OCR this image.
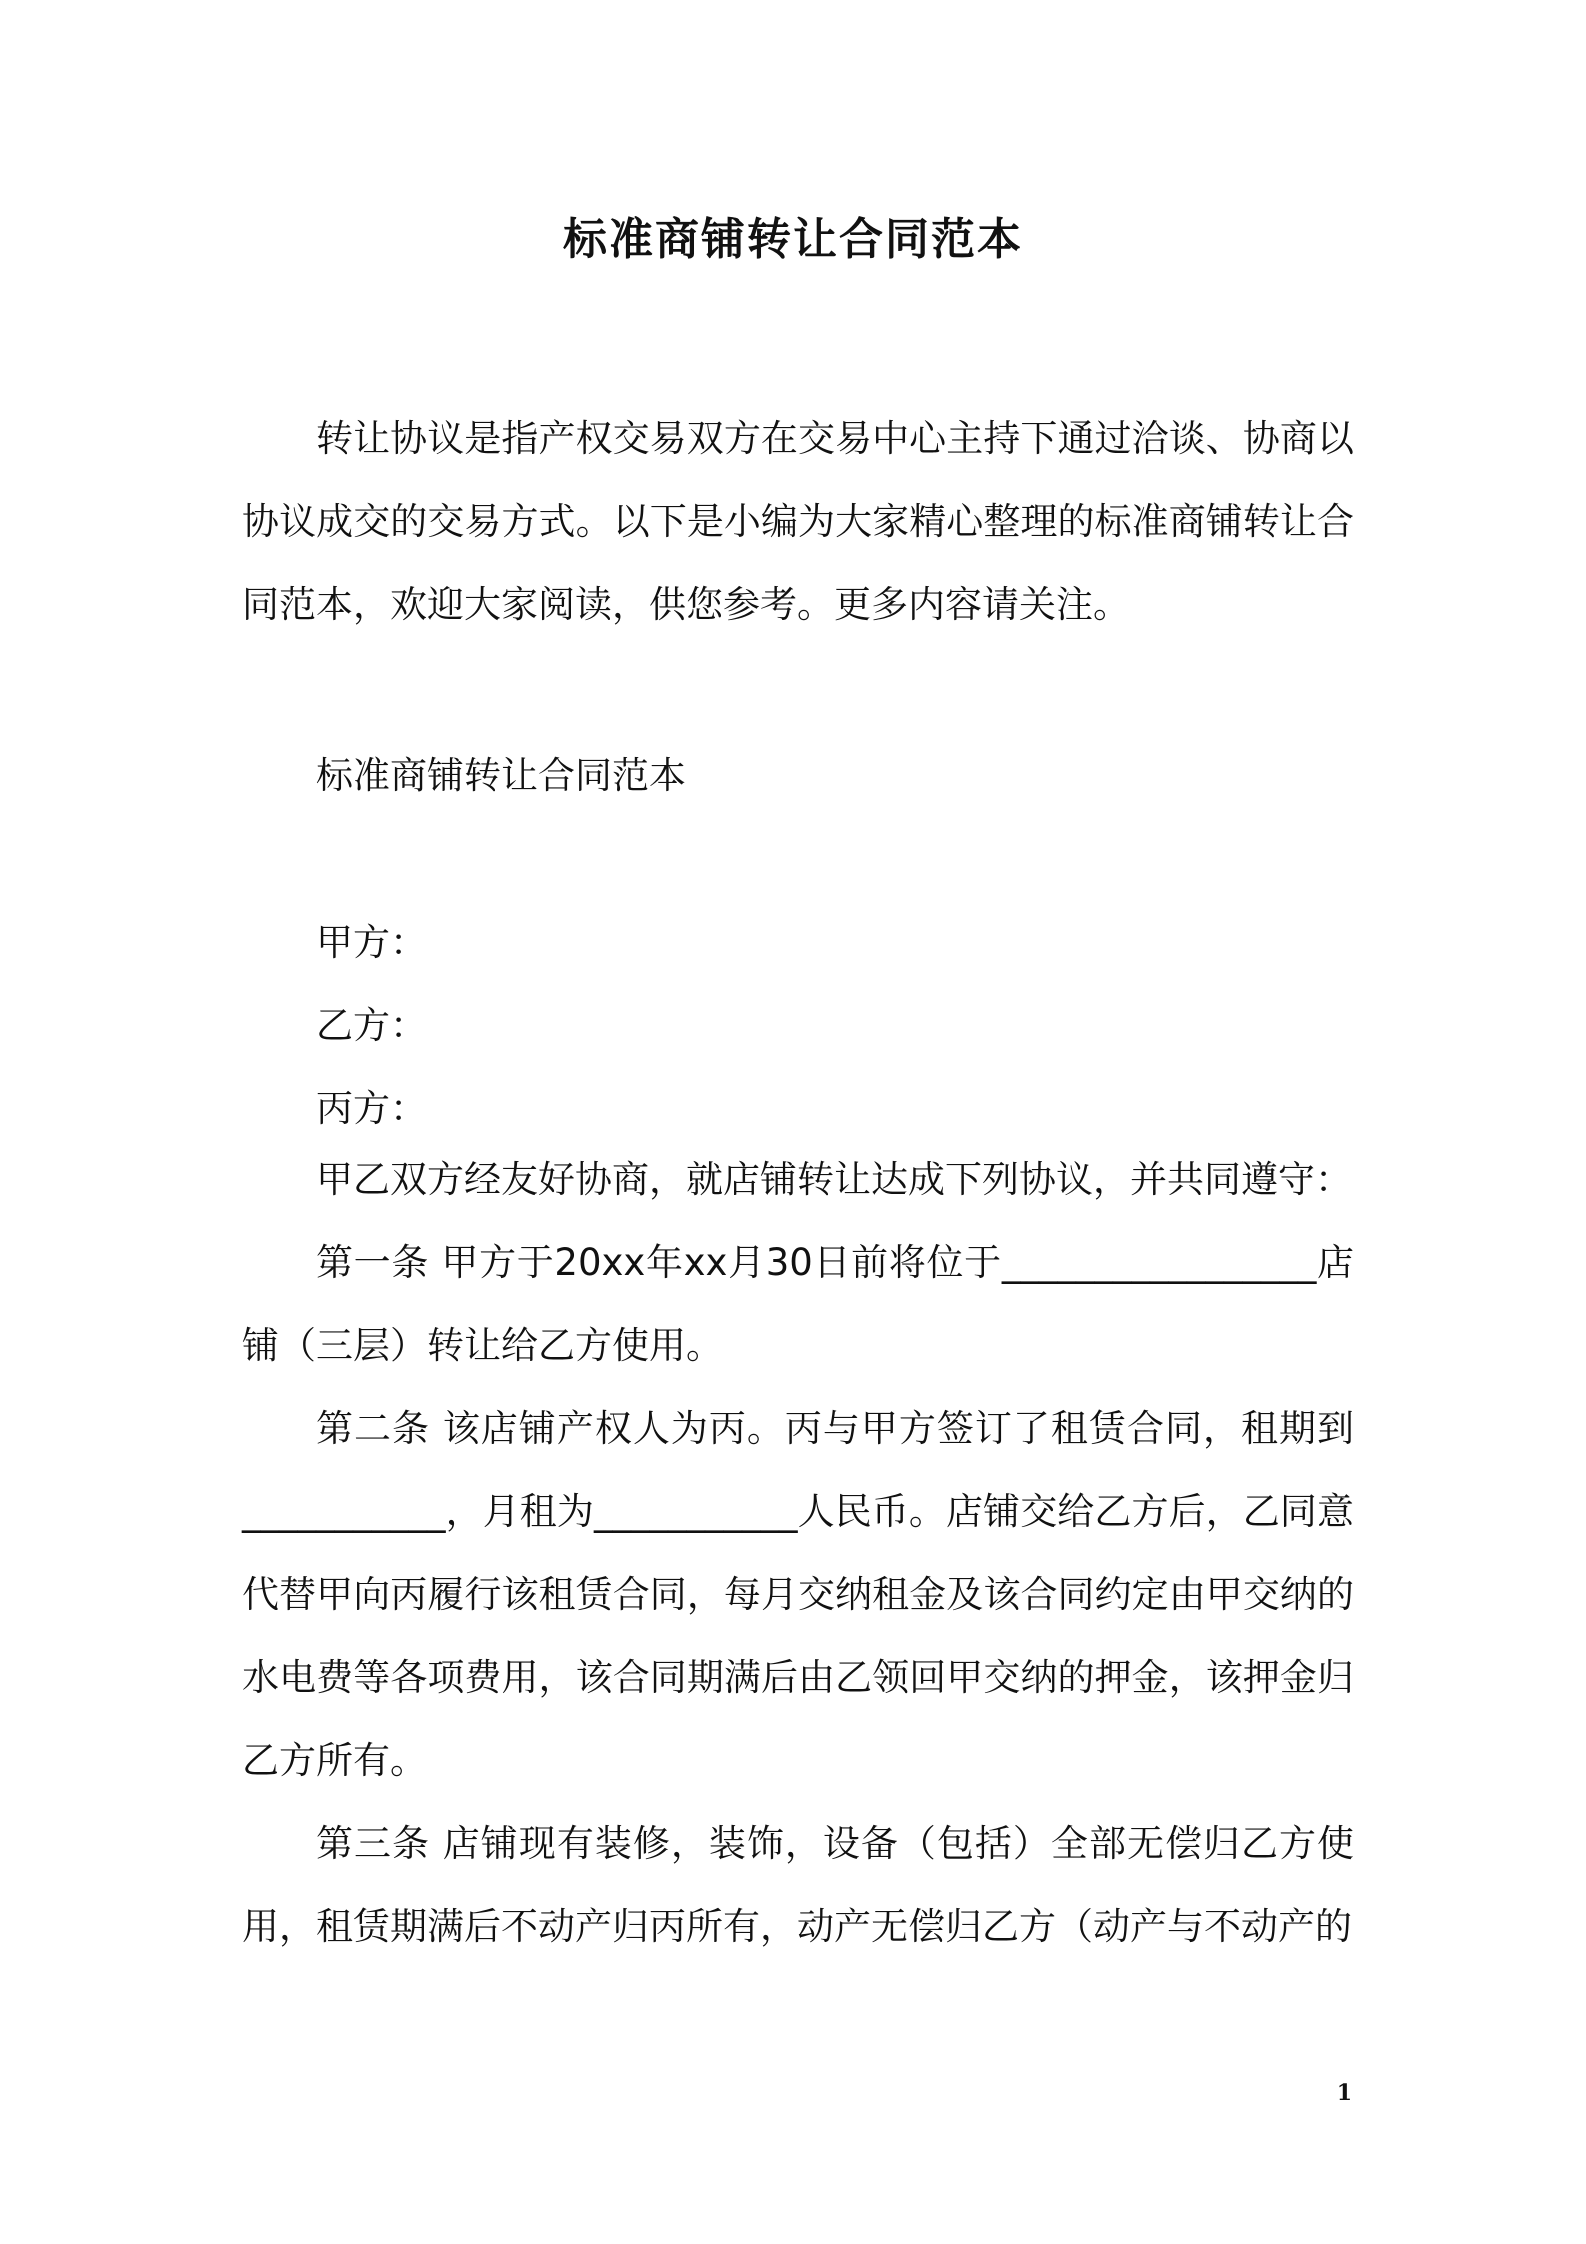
标准商铺转让合同范本

转让协议是指产权交易双方在交易中心主持下通过洽谈、协商以协议成交的交易方式。以下是小编为大家精心整理的标准商铺转让合同范本，欢迎大家阅读，供您参考。更多内容请关注。

标准商铺转让合同范本
甲方：
乙方：
丙方：

甲乙双方经友好协商，就店铺转让达成下列协议，并共同遵守：

第一条 甲方于20xx年xx月30日前将位于_________________店铺（三层）转让给乙方使用。

第二条 该店铺产权人为丙。丙与甲方签订了租赁合同，租期到___________，月租为___________人民币。店铺交给乙方后，乙同意代替甲向丙履行该租赁合同，每月交纳租金及该合同约定由甲交纳的水电费等各项费用，该合同期满后由乙领回甲交纳的押金，该押金归乙方所有。

第三条 店铺现有装修，装饰，设备（包括）全部无偿归乙方使用，租赁期满后不动产归丙所有，动产无偿归乙方（动产与不动产的

1
